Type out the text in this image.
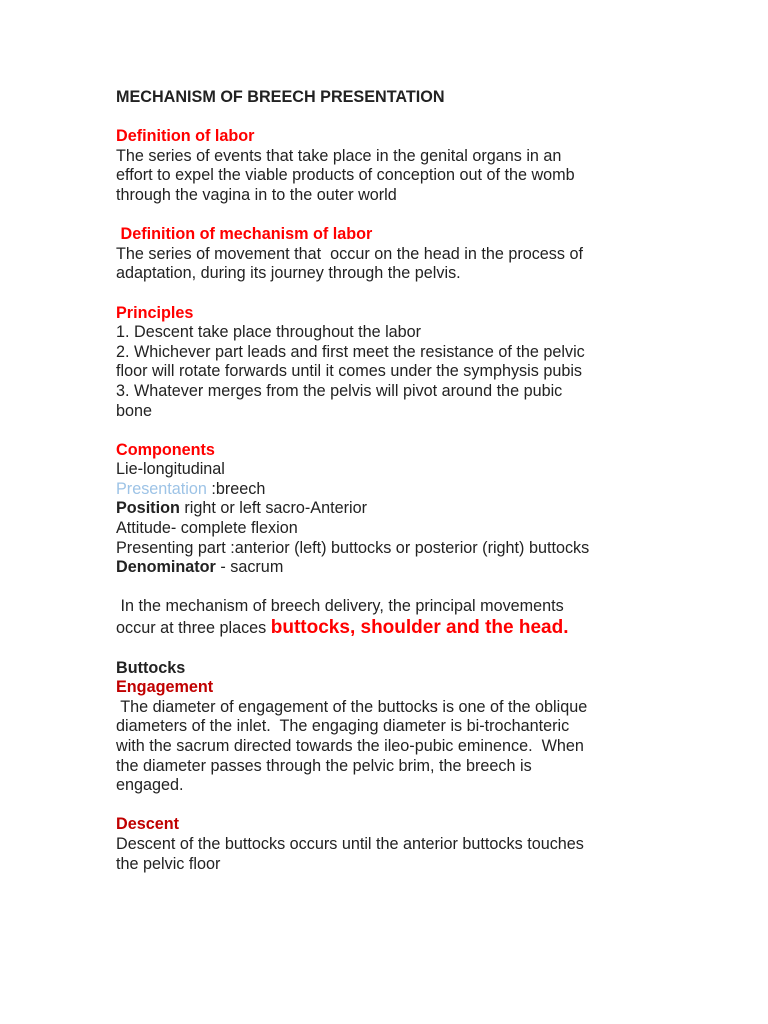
MECHANISM OF BREECH PRESENTATION
Definition of labor
The series of events that take place in the genital organs in an
effort to expel the viable products of conception out of the womb
through the vagina in to the outer world
Definition of mechanism of labor
The series of movement that  occur on the head in the process of
adaptation, during its journey through the pelvis.
Principles
1. Descent take place throughout the labor
2. Whichever part leads and first meet the resistance of the pelvic
floor will rotate forwards until it comes under the symphysis pubis
3. Whatever merges from the pelvis will pivot around the pubic
bone
Components
Lie-longitudinal
Presentation :breech
Position right or left sacro-Anterior
Attitude- complete flexion
Presenting part :anterior (left) buttocks or posterior (right) buttocks
Denominator - sacrum
In the mechanism of breech delivery, the principal movements
occur at three places buttocks, shoulder and the head.
Buttocks
Engagement
The diameter of engagement of the buttocks is one of the oblique
diameters of the inlet.  The engaging diameter is bi-trochanteric
with the sacrum directed towards the ileo-pubic eminence.  When
the diameter passes through the pelvic brim, the breech is
engaged.
Descent
Descent of the buttocks occurs until the anterior buttocks touches
the pelvic floor
